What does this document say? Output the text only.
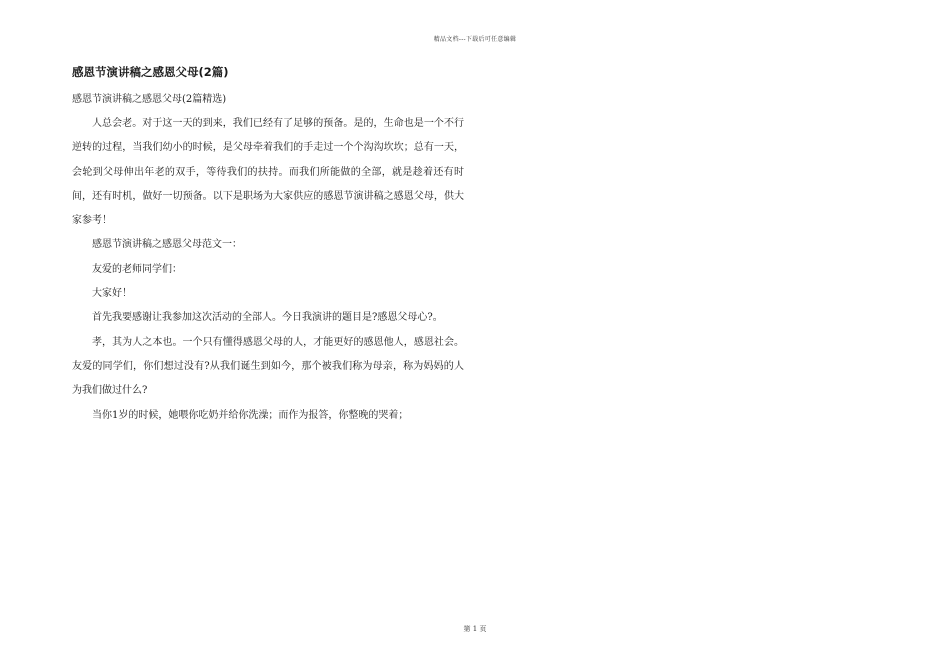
精品文档---下载后可任意编辑
感恩节演讲稿之感恩父母(2篇)
感恩节演讲稿之感恩父母(2篇精选)

人总会老。对于这一天的到来，我们已经有了足够的预备。是的，生命也是一个不行逆转的过程，当我们幼小的时候，是父母牵着我们的手走过一个个沟沟坎坎；总有一天，会轮到父母伸出年老的双手，等待我们的扶持。而我们所能做的全部，就是趁着还有时间，还有时机，做好一切预备。以下是职场为大家供应的感恩节演讲稿之感恩父母，供大家参考！

感恩节演讲稿之感恩父母范文一：

友爱的老师同学们：

大家好！

首先我要感谢让我参加这次活动的全部人。今日我演讲的题目是?感恩父母心?。

孝，其为人之本也。一个只有懂得感恩父母的人，才能更好的感恩他人，感恩社会。友爱的同学们，你们想过没有?从我们诞生到如今，那个被我们称为母亲，称为妈妈的人为我们做过什么?

当你1岁的时候，她喂你吃奶并给你洗澡；而作为报答，你整晚的哭着；

第 1 页
